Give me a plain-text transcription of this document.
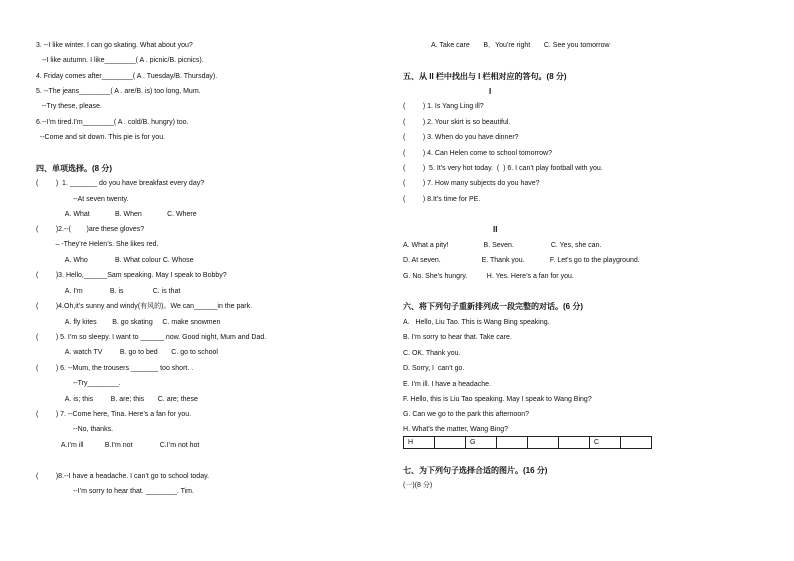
3. --I like winter. I can go skating. What about you?
--I like autumn. I like________( A . picnic/B. picnics).
4. Friday comes after________( A . Tuesday/B. Thursday).
5. --The jeans________( A . are/B. is) too long, Mum.
--Try these, please.
6.--I’m tired.I’m________( A . cold/B. hungry) too.
--Come and sit down. This pie is for you.
四、单项选择。(8 分)
(         )  1. _______ do you have breakfast every day?
--At seven twenty.
A. What             B. When             C. Where
(         )2.--(        )are these gloves?
– -They’re Helen’s. She likes red.
A. Who              B. What colour C. Whose
(         )3. Hello,______Sam speaking. May I speak to Bobby?
A. I’m              B. is               C. is that
(         )4.Oh,it’s sunny and windy(有风的)。We can______in the park.
A. fly kites        B. go skating     C. make snowmen
(         ) 5. I’m so sleepy. I want to ______ now. Good night, Mum and Dad.
A. watch TV         B. go to bed       C. go to school
(         ) 6. --Mum, the trousers _______ too short. .
--Try________.
A. is; this         B. are; this       C. are; these
(         ) 7. --Come here, Tina. Here’s a fan for you.
--No, thanks.
A.I’m ill           B.I’m not              C.I’m not hot
(         )8.--I have a headache. I can’t go to school today.
--I’m sorry to hear that. ________. Tim.
A. Take care       B．You’re right       C. See you tomorrow
五、从 II 栏中找出与 I 栏相对应的答句。(8 分)
I
(         ) 1. Is Yang Ling ill?
(         ) 2. Your skirt is so beautiful.
(         ) 3. When do you have dinner?
(         ) 4. Can Helen come to school tomorrow?
(         )  5. It’s very hot today.  (  ) 6. I can’t play football with you.
(         ) 7. How many subjects do you have?
(         ) 8.It’s time for PE.
II
A. What a pity!                  B. Seven.                   C. Yes, she can.
D. At seven.                     E. Thank you.             F. Let’s go to the playground.
G. No. She’s hungry.          H. Yes. Here’s a fan for you.
六、将下列句子重新排列成一段完整的对话。(6 分)
A.   Hello, Liu Tao. This is Wang Bing speaking.
B. I’m sorry to hear that. Take care.
C. OK. Thank you.
D. Sorry, I  can’t go.
E. I’m ill. I have a headache.
F. Hello, this is Liu Tao speaking. May I speak to Wang Bing?
G. Can we go to the park this afternoon?
H. What’s the matter, Wang Bing?
H		G				C	
七、为下列句子选择合适的图片。(16 分)
(一)(8 分)
